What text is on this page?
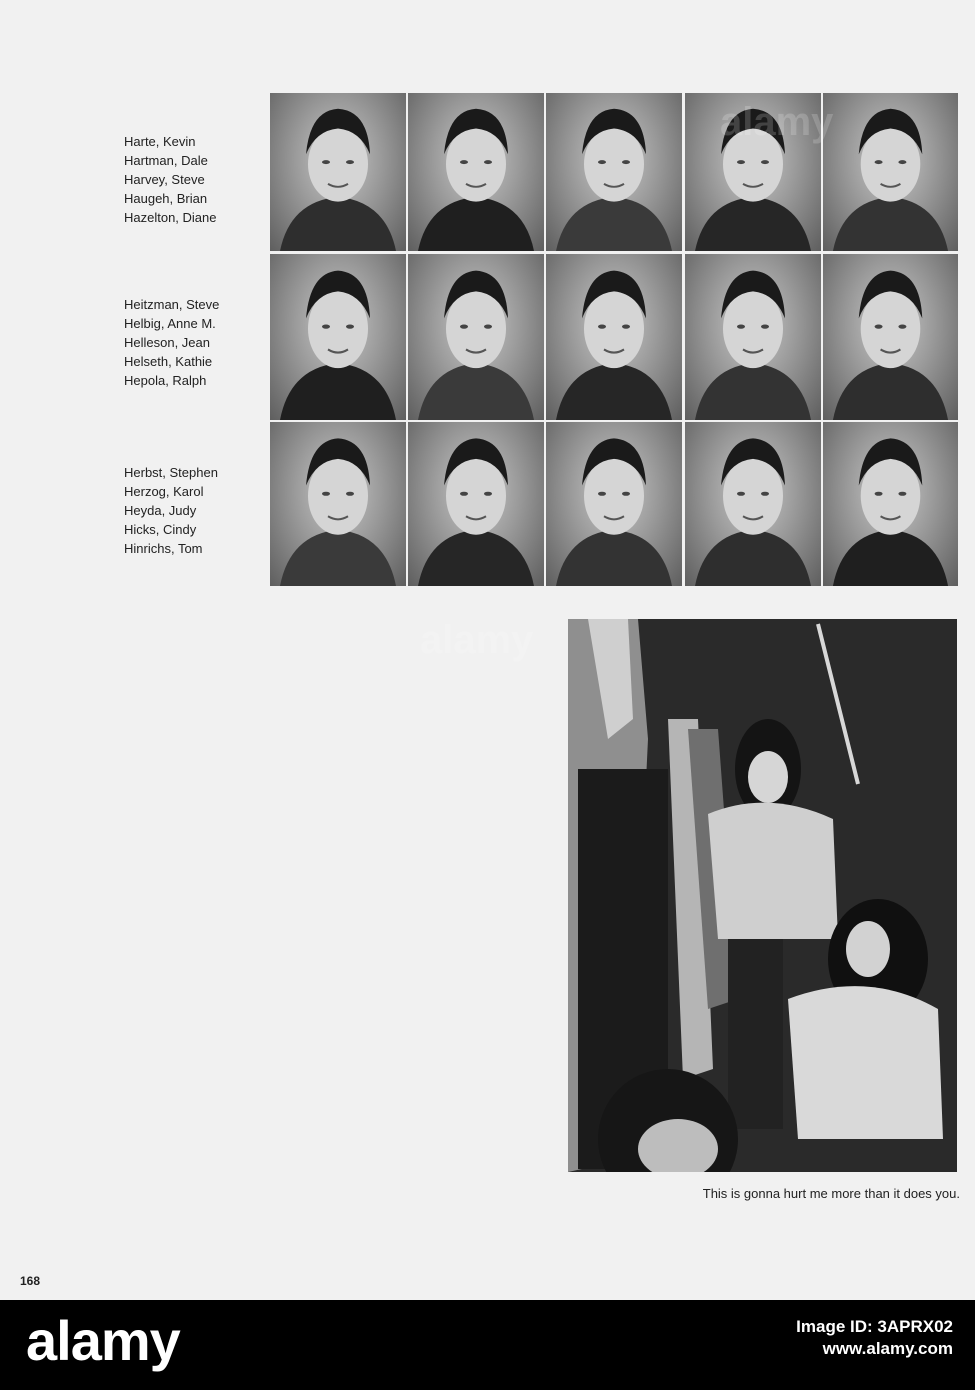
Harte, Kevin
Hartman, Dale
Harvey, Steve
Haugeh, Brian
Hazelton, Diane
Heitzman, Steve
Helbig, Anne M.
Helleson, Jean
Helseth, Kathie
Hepola, Ralph
Herbst, Stephen
Herzog, Karol
Heyda, Judy
Hicks, Cindy
Hinrichs, Tom
This is gonna hurt me more than it does you.
168
alamy
alamy
alamy	Image ID: 3APRX02
www.alamy.com
